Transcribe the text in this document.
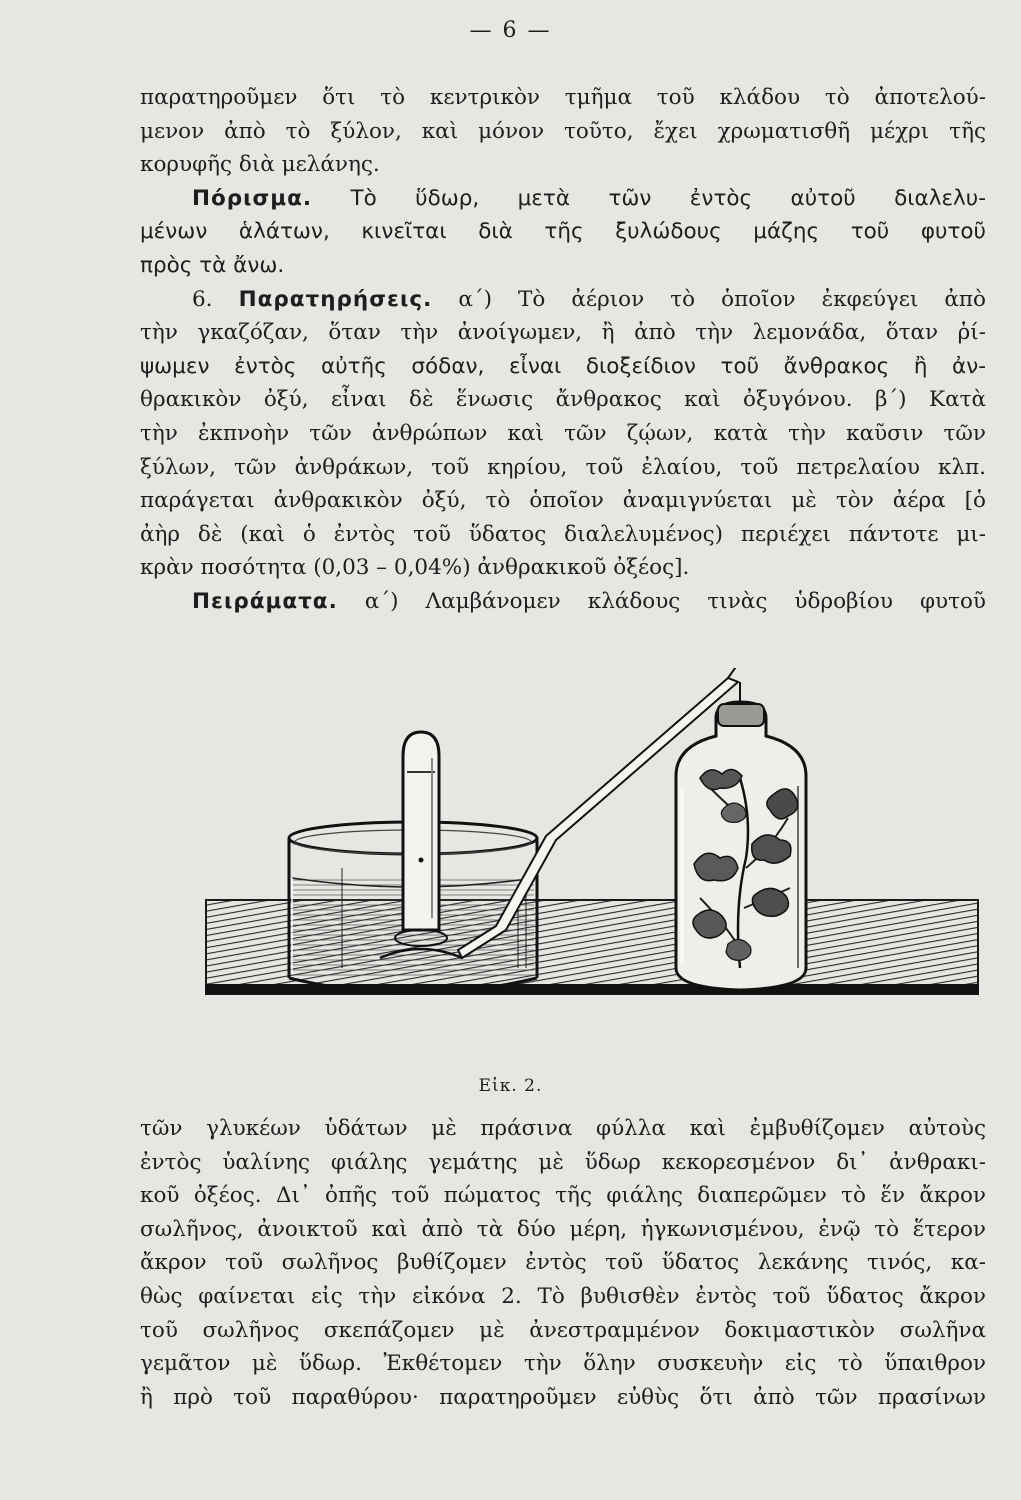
— 6 —
παρατηροῦμεν ὅτι τὸ κεντρικὸν τμῆμα τοῦ κλάδου τὸ ἀποτελού-
μενον ἀπὸ τὸ ξύλον, καὶ μόνον τοῦτο, ἔχει χρωματισθῆ μέχρι τῆς
κορυφῆς διὰ μελάνης.
Πόρισμα. Τὸ ὕδωρ, μετὰ τῶν ἐντὸς αὐτοῦ διαλελυ-
μένων ἁλάτων, κινεῖται διὰ τῆς ξυλώδους μάζης τοῦ φυτοῦ
πρὸς τὰ ἄνω.
6. Παρατηρήσεις. α΄) Τὸ ἀέριον τὸ ὁποῖον ἐκφεύγει ἀπὸ
τὴν γκαζόζαν, ὅταν τὴν ἀνοίγωμεν, ἢ ἀπὸ τὴν λεμονάδα, ὅταν ῥί-
ψωμεν ἐντὸς αὐτῆς σόδαν, εἶναι διοξείδιον τοῦ ἄνθρακος ἢ ἀν-
θρακικὸν ὀξύ, εἶναι δὲ ἕνωσις ἄνθρακος καὶ ὀξυγόνου. β΄) Κατὰ
τὴν ἐκπνοὴν τῶν ἀνθρώπων καὶ τῶν ζῴων, κατὰ τὴν καῦσιν τῶν
ξύλων, τῶν ἀνθράκων, τοῦ κηρίου, τοῦ ἐλαίου, τοῦ πετρελαίου κλπ.
παράγεται ἀνθρακικὸν ὀξύ, τὸ ὁποῖον ἀναμιγνύεται μὲ τὸν ἀέρα [ὁ
ἀὴρ δὲ (καὶ ὁ ἐντὸς τοῦ ὕδατος διαλελυμένος) περιέχει πάντοτε μι-
κρὰν ποσότητα (0,03 – 0,04%) ἀνθρακικοῦ ὀξέος].
Πειράματα. α΄) Λαμβάνομεν κλάδους τινὰς ὑδροβίου φυτοῦ
Εἰκ. 2.
τῶν γλυκέων ὑδάτων μὲ πράσινα φύλλα καὶ ἐμβυθίζομεν αὐτοὺς
ἐντὸς ὑαλίνης φιάλης γεμάτης μὲ ὕδωρ κεκορεσμένον δι᾽ ἀνθρακι-
κοῦ ὀξέος. Δι᾽ ὀπῆς τοῦ πώματος τῆς φιάλης διαπερῶμεν τὸ ἕν ἄκρον
σωλῆνος, ἀνοικτοῦ καὶ ἀπὸ τὰ δύο μέρη, ἠγκωνισμένου, ἐνῷ τὸ ἕτερον
ἄκρον τοῦ σωλῆνος βυθίζομεν ἐντὸς τοῦ ὕδατος λεκάνης τινός, κα-
θὼς φαίνεται εἰς τὴν εἰκόνα 2. Τὸ βυθισθὲν ἐντὸς τοῦ ὕδατος ἄκρον
τοῦ σωλῆνος σκεπάζομεν μὲ ἀνεστραμμένον δοκιμαστικὸν σωλῆνα
γεμᾶτον μὲ ὕδωρ. Ἐκθέτομεν τὴν ὅλην συσκευὴν εἰς τὸ ὕπαιθρον
ἢ πρὸ τοῦ παραθύρου· παρατηροῦμεν εὐθὺς ὅτι ἀπὸ τῶν πρασίνων
